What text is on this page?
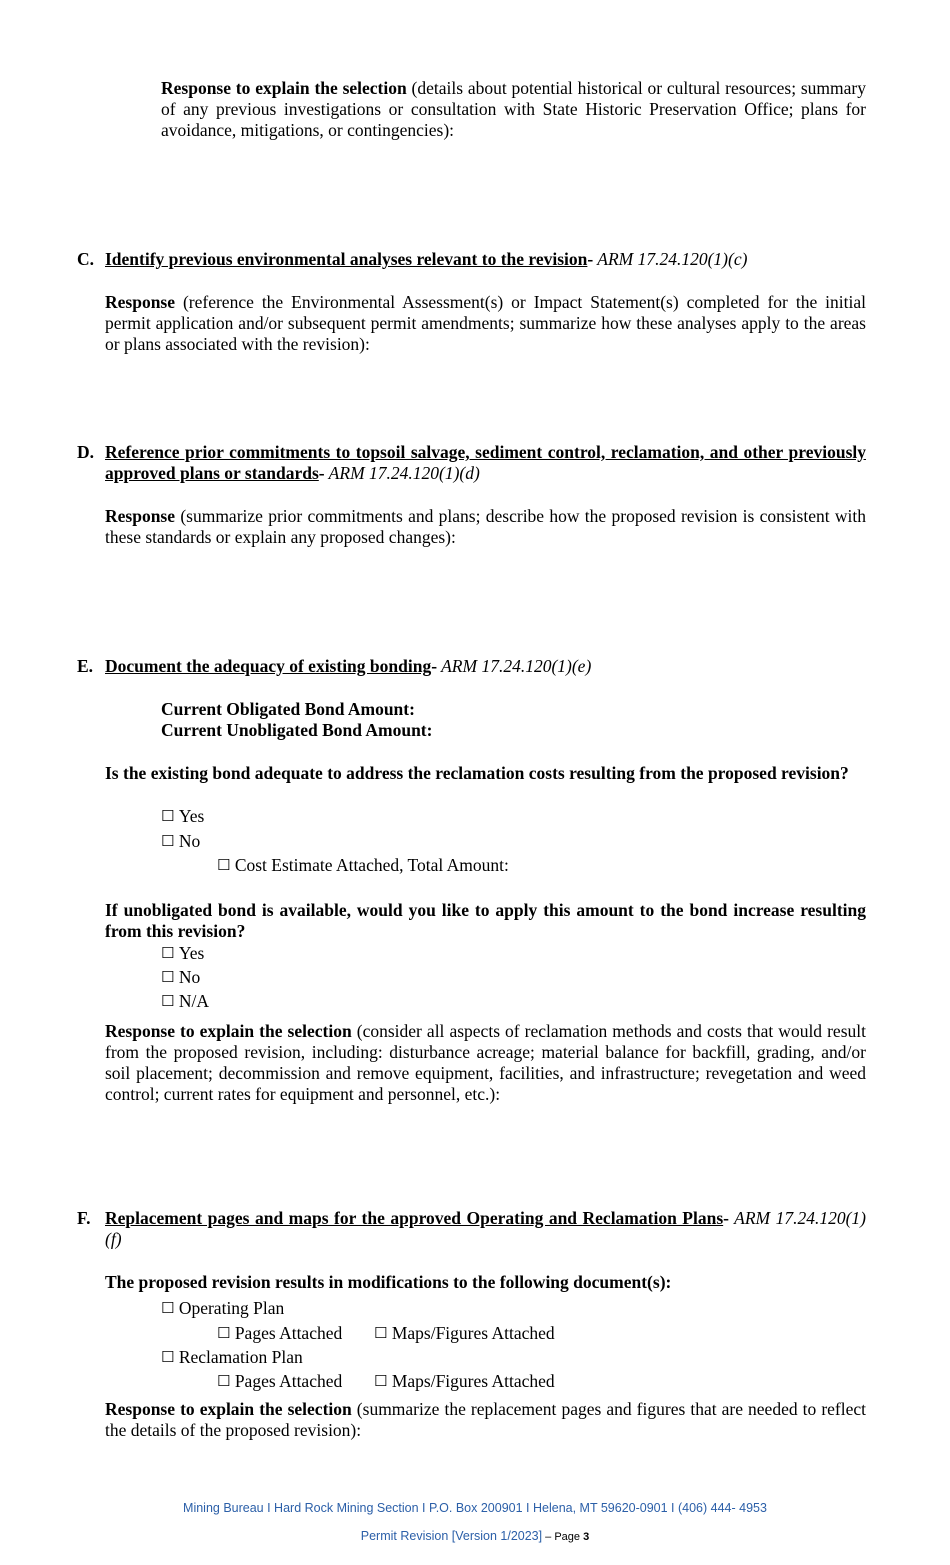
Response to explain the selection (details about potential historical or cultural resources; summary of any previous investigations or consultation with State Historic Preservation Office; plans for avoidance, mitigations, or contingencies):

C. Identify previous environmental analyses relevant to the revision- ARM 17.24.120(1)(c)

Response (reference the Environmental Assessment(s) or Impact Statement(s) completed for the initial permit application and/or subsequent permit amendments; summarize how these analyses apply to the areas or plans associated with the revision):

D. Reference prior commitments to topsoil salvage, sediment control, reclamation, and other previously approved plans or standards- ARM 17.24.120(1)(d)

Response (summarize prior commitments and plans; describe how the proposed revision is consistent with these standards or explain any proposed changes):

E. Document the adequacy of existing bonding- ARM 17.24.120(1)(e)

Current Obligated Bond Amount:
Current Unobligated Bond Amount:

Is the existing bond adequate to address the reclamation costs resulting from the proposed revision?

☐ Yes
☐ No
☐ Cost Estimate Attached, Total Amount:

If unobligated bond is available, would you like to apply this amount to the bond increase resulting from this revision?

☐ Yes
☐ No
☐ N/A

Response to explain the selection (consider all aspects of reclamation methods and costs that would result from the proposed revision, including: disturbance acreage; material balance for backfill, grading, and/or soil placement; decommission and remove equipment, facilities, and infrastructure; revegetation and weed control; current rates for equipment and personnel, etc.):

F. Replacement pages and maps for the approved Operating and Reclamation Plans- ARM 17.24.120(1)(f)

The proposed revision results in modifications to the following document(s):

☐ Operating Plan
☐ Pages Attached ☐ Maps/Figures Attached
☐ Reclamation Plan
☐ Pages Attached ☐ Maps/Figures Attached

Response to explain the selection (summarize the replacement pages and figures that are needed to reflect the details of the proposed revision):

Mining Bureau I Hard Rock Mining Section I P.O. Box 200901 I Helena, MT 59620-0901 I (406) 444- 4953
Permit Revision [Version 1/2023] – Page 3
